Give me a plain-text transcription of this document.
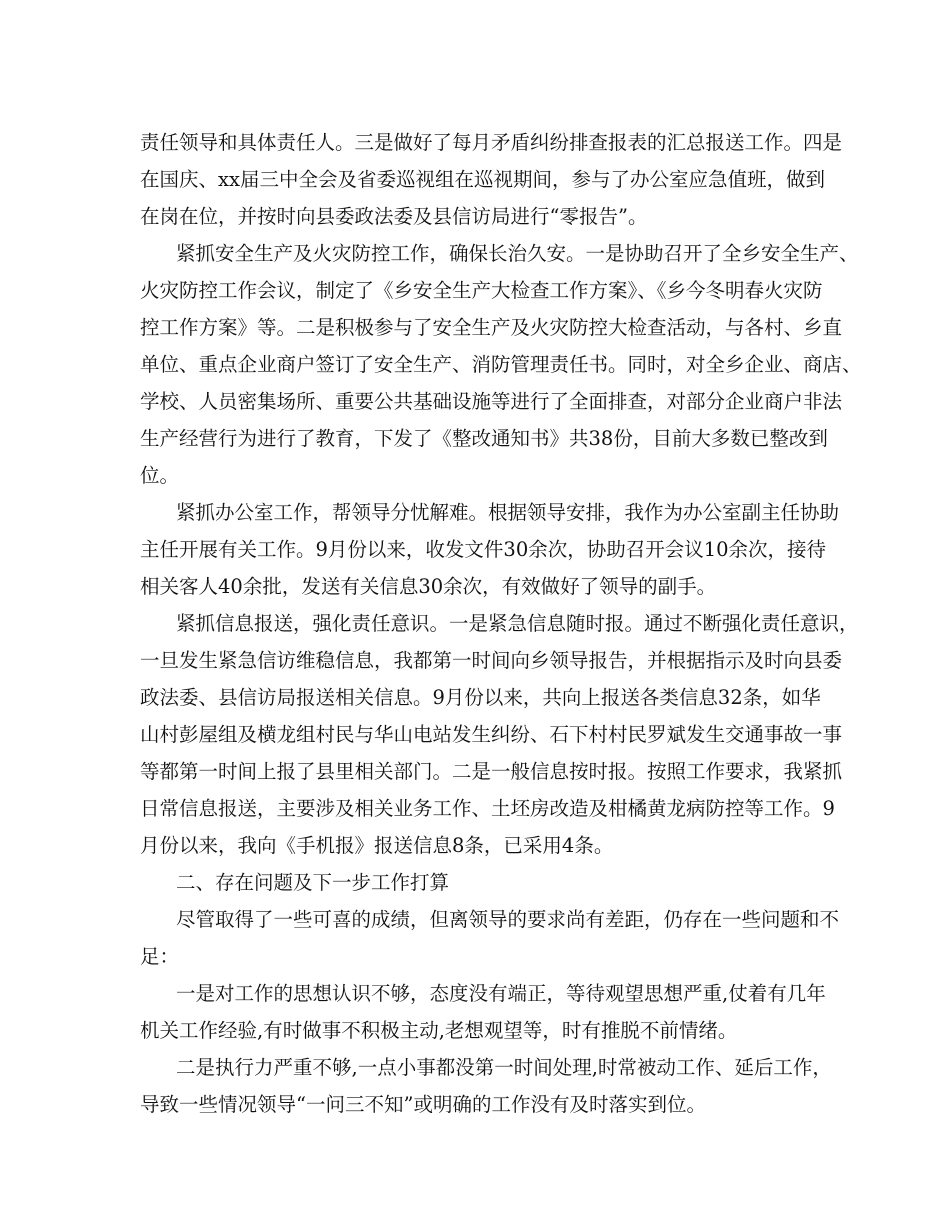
责任领导和具体责任人。三是做好了每月矛盾纠纷排查报表的汇总报送工作。四是
在国庆、xx届三中全会及省委巡视组在巡视期间，参与了办公室应急值班，做到
在岗在位，并按时向县委政法委及县信访局进行“零报告”。
紧抓安全生产及火灾防控工作，确保长治久安。一是协助召开了全乡安全生产、
火灾防控工作会议，制定了《乡安全生产大检查工作方案》、《乡今冬明春火灾防
控工作方案》等。二是积极参与了安全生产及火灾防控大检查活动，与各村、乡直
单位、重点企业商户签订了安全生产、消防管理责任书。同时，对全乡企业、商店、
学校、人员密集场所、重要公共基础设施等进行了全面排查，对部分企业商户非法
生产经营行为进行了教育，下发了《整改通知书》共38份，目前大多数已整改到
位。
紧抓办公室工作，帮领导分忧解难。根据领导安排，我作为办公室副主任协助
主任开展有关工作。9月份以来，收发文件30余次，协助召开会议10余次，接待
相关客人40余批，发送有关信息30余次，有效做好了领导的副手。
紧抓信息报送，强化责任意识。一是紧急信息随时报。通过不断强化责任意识，
一旦发生紧急信访维稳信息，我都第一时间向乡领导报告，并根据指示及时向县委
政法委、县信访局报送相关信息。9月份以来，共向上报送各类信息32条，如华
山村彭屋组及横龙组村民与华山电站发生纠纷、石下村村民罗斌发生交通事故一事
等都第一时间上报了县里相关部门。二是一般信息按时报。按照工作要求，我紧抓
日常信息报送，主要涉及相关业务工作、土坯房改造及柑橘黄龙病防控等工作。9
月份以来，我向《手机报》报送信息8条，已采用4条。
二、存在问题及下一步工作打算
尽管取得了一些可喜的成绩，但离领导的要求尚有差距，仍存在一些问题和不
足：
一是对工作的思想认识不够，态度没有端正，等待观望思想严重,仗着有几年
机关工作经验,有时做事不积极主动,老想观望等，时有推脱不前情绪。
二是执行力严重不够,一点小事都没第一时间处理,时常被动工作、延后工作，
导致一些情况领导“一问三不知”或明确的工作没有及时落实到位。
